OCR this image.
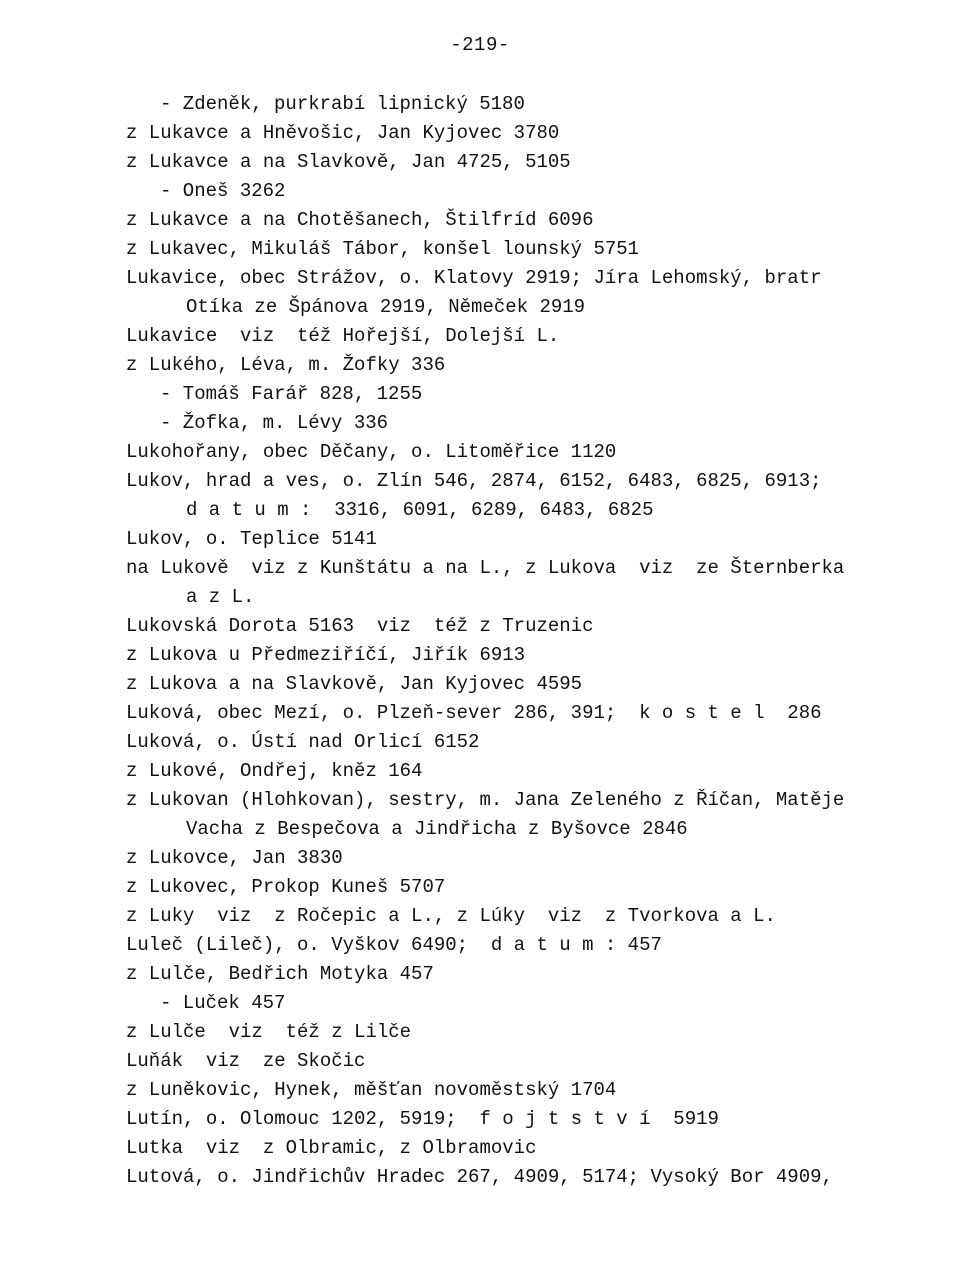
-219-
- Zdeněk, purkrabí lipnický 5180
z Lukavce a Hněvošic, Jan Kyjovec 3780
z Lukavce a na Slavkově, Jan 4725, 5105
- Oneš 3262
z Lukavce a na Chotěšanech, Štilfríd 6096
z Lukavec, Mikuláš Tábor, konšel lounský 5751
Lukavice, obec Strážov, o. Klatovy 2919; Jíra Lehomský, bratr
Otíka ze Špánova 2919, Němeček 2919
Lukavice  viz  též Hořejší, Dolejší L.
z Lukého, Léva, m. Žofky 336
- Tomáš Farář 828, 1255
- Žofka, m. Lévy 336
Lukohořany, obec Děčany, o. Litoměřice 1120
Lukov, hrad a ves, o. Zlín 546, 2874, 6152, 6483, 6825, 6913;
d a t u m :  3316, 6091, 6289, 6483, 6825
Lukov, o. Teplice 5141
na Lukově  viz z Kunštátu a na L., z Lukova  viz  ze Šternberka
a z L.
Lukovská Dorota 5163  viz  též z Truzenic
z Lukova u Předmeziříčí, Jiřík 6913
z Lukova a na Slavkově, Jan Kyjovec 4595
Luková, obec Mezí, o. Plzeň-sever 286, 391;  k o s t e l  286
Luková, o. Ústí nad Orlicí 6152
z Lukové, Ondřej, kněz 164
z Lukovan (Hlohkovan), sestry, m. Jana Zeleného z Říčan, Matěje
Vacha z Bespečova a Jindřicha z Byšovce 2846
z Lukovce, Jan 3830
z Lukovec, Prokop Kuneš 5707
z Luky  viz  z Ročepic a L., z Lúky  viz  z Tvorkova a L.
Luleč (Lileč), o. Vyškov 6490;  d a t u m : 457
z Lulče, Bedřich Motyka 457
- Luček 457
z Lulče  viz  též z Lilče
Luňák  viz  ze Skočic
z Luněkovic, Hynek, měšťan novoměstský 1704
Lutín, o. Olomouc 1202, 5919;  f o j t s t v í  5919
Lutka  viz  z Olbramic, z Olbramovic
Lutová, o. Jindřichův Hradec 267, 4909, 5174; Vysoký Bor 4909,
